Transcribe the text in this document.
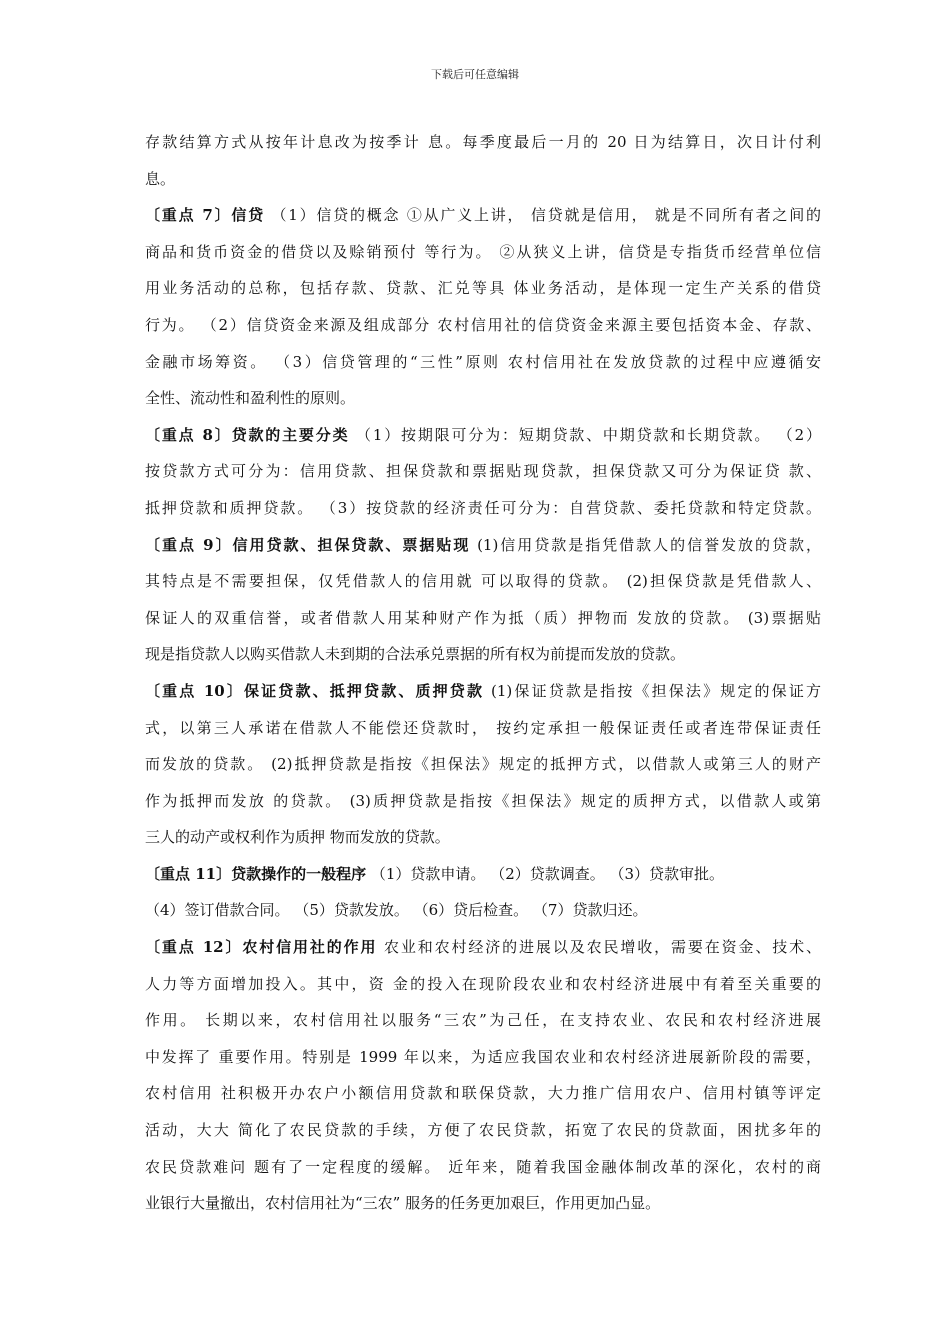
下载后可任意编辑
存款结算方式从按年计息改为按季计 息。每季度最后一月的 20 日为结算日，次日计付利
息。
〔重点 7〕信贷 （1）信贷的概念 ①从广义上讲， 信贷就是信用， 就是不同所有者之间的
商品和货币资金的借贷以及赊销预付 等行为。 ②从狭义上讲，信贷是专指货币经营单位信
用业务活动的总称，包括存款、贷款、汇兑等具 体业务活动，是体现一定生产关系的借贷
行为。 （2）信贷资金来源及组成部分 农村信用社的信贷资金来源主要包括资本金、存款、
金融市场筹资。 （3）信贷管理的“三性”原则 农村信用社在发放贷款的过程中应遵循安
全性、流动性和盈利性的原则。
〔重点 8〕贷款的主要分类 （1）按期限可分为：短期贷款、中期贷款和长期贷款。 （2）
按贷款方式可分为：信用贷款、担保贷款和票据贴现贷款，担保贷款又可分为保证贷 款、
抵押贷款和质押贷款。 （3）按贷款的经济责任可分为：自营贷款、委托贷款和特定贷款。
〔重点 9〕信用贷款、担保贷款、票据贴现 (1)信用贷款是指凭借款人的信誉发放的贷款，
其特点是不需要担保，仅凭借款人的信用就 可以取得的贷款。 (2)担保贷款是凭借款人、
保证人的双重信誉，或者借款人用某种财产作为抵（质）押物而 发放的贷款。 (3)票据贴
现是指贷款人以购买借款人未到期的合法承兑票据的所有权为前提而发放的贷款。
〔重点 10〕保证贷款、抵押贷款、质押贷款 (1)保证贷款是指按《担保法》规定的保证方
式，以第三人承诺在借款人不能偿还贷款时， 按约定承担一般保证责任或者连带保证责任
而发放的贷款。 (2)抵押贷款是指按《担保法》规定的抵押方式，以借款人或第三人的财产
作为抵押而发放 的贷款。 (3)质押贷款是指按《担保法》规定的质押方式，以借款人或第
三人的动产或权利作为质押 物而发放的贷款。
〔重点 11〕贷款操作的一般程序 （1）贷款申请。 （2）贷款调查。 （3）贷款审批。
（4）签订借款合同。 （5）贷款发放。 （6）贷后检查。 （7）贷款归还。
〔重点 12〕农村信用社的作用 农业和农村经济的进展以及农民增收，需要在资金、技术、
人力等方面增加投入。其中，资 金的投入在现阶段农业和农村经济进展中有着至关重要的
作用。 长期以来，农村信用社以服务“三农”为己任，在支持农业、农民和农村经济进展
中发挥了 重要作用。特别是 1999 年以来，为适应我国农业和农村经济进展新阶段的需要，
农村信用 社积极开办农户小额信用贷款和联保贷款，大力推广信用农户、信用村镇等评定
活动，大大 简化了农民贷款的手续，方便了农民贷款，拓宽了农民的贷款面，困扰多年的
农民贷款难问 题有了一定程度的缓解。 近年来，随着我国金融体制改革的深化，农村的商
业银行大量撤出，农村信用社为“三农” 服务的任务更加艰巨，作用更加凸显。
